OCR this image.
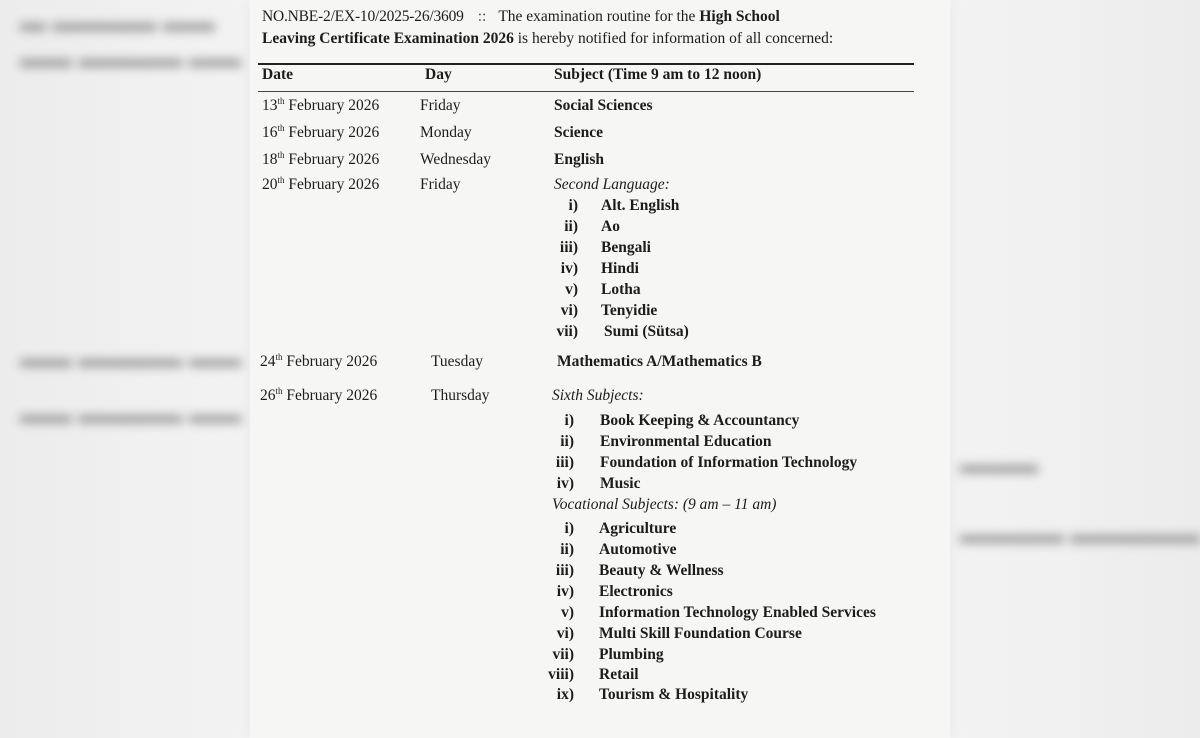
▬ ▬▬▬▬ ▬▬
▬▬ ▬▬▬▬ ▬▬
▬▬ ▬▬▬▬ ▬▬
▬▬ ▬▬▬▬ ▬▬
▬▬▬
▬▬▬▬ ▬▬▬▬▬
NO.NBE-2/EX-10/2025-26/3609 :: The examination routine for the High School
Leaving Certificate Examination 2026 is hereby notified for information of all concerned:
Date	Day	Subject (Time 9 am to 12 noon)
13th February 2026	Friday	Social Sciences
16th February 2026	Monday	Science
18th February 2026	Wednesday	English
20th February 2026	Friday	Second Language:
i) Alt. English
ii) Ao
iii) Bengali
iv) Hindi
v) Lotha
vi) Tenyidie
vii) Sumi (Sütsa)
24th February 2026	Tuesday	Mathematics A/Mathematics B
26th February 2026	Thursday	Sixth Subjects:
i) Book Keeping & Accountancy
ii) Environmental Education
iii) Foundation of Information Technology
iv) Music
Vocational Subjects: (9 am – 11 am)
i) Agriculture
ii) Automotive
iii) Beauty & Wellness
iv) Electronics
v) Information Technology Enabled Services
vi) Multi Skill Foundation Course
vii) Plumbing
viii) Retail
ix) Tourism & Hospitality
